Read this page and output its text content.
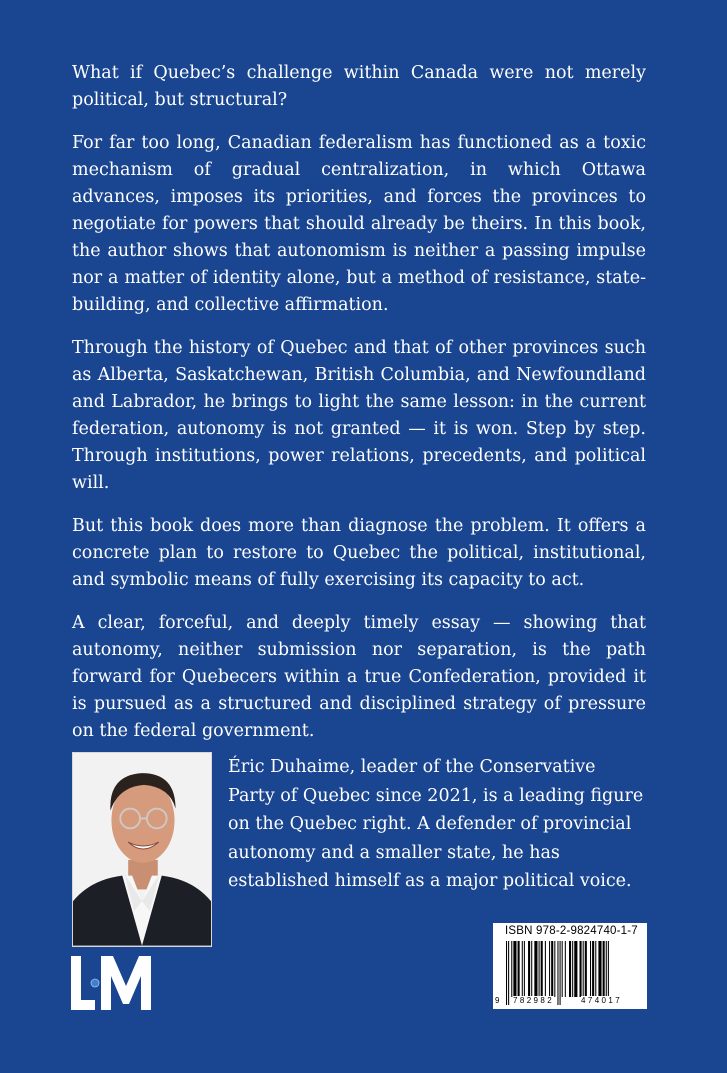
What if Quebec’s challenge within Canada were not merely political, but structural?

For far too long, Canadian federalism has functioned as a toxic mechanism of gradual centralization, in which Ottawa advances, imposes its priorities, and forces the provinces to negotiate for powers that should already be theirs. In this book, the author shows that autonomism is neither a passing impulse nor a matter of identity alone, but a method of resistance, state-building, and collective affirmation.

Through the history of Quebec and that of other provinces such as Alberta, Saskatchewan, British Columbia, and Newfoundland and Labrador, he brings to light the same lesson: in the current federation, autonomy is not granted — it is won. Step by step. Through institutions, power relations, precedents, and political will.

But this book does more than diagnose the problem. It offers a concrete plan to restore to Quebec the political, institutional, and symbolic means of fully exercising its capacity to act.

A clear, forceful, and deeply timely essay — showing that autonomy, neither submission nor separation, is the path forward for Quebecers within a true Confederation, provided it is pursued as a structured and disciplined strategy of pressure on the federal government.

Éric Duhaime, leader of the Conservative Party of Quebec since 2021, is a leading figure on the Quebec right. A defender of provincial autonomy and a smaller state, he has established himself as a major political voice.
ISBN 978-2-9824740-1-7
9 782982	474017
